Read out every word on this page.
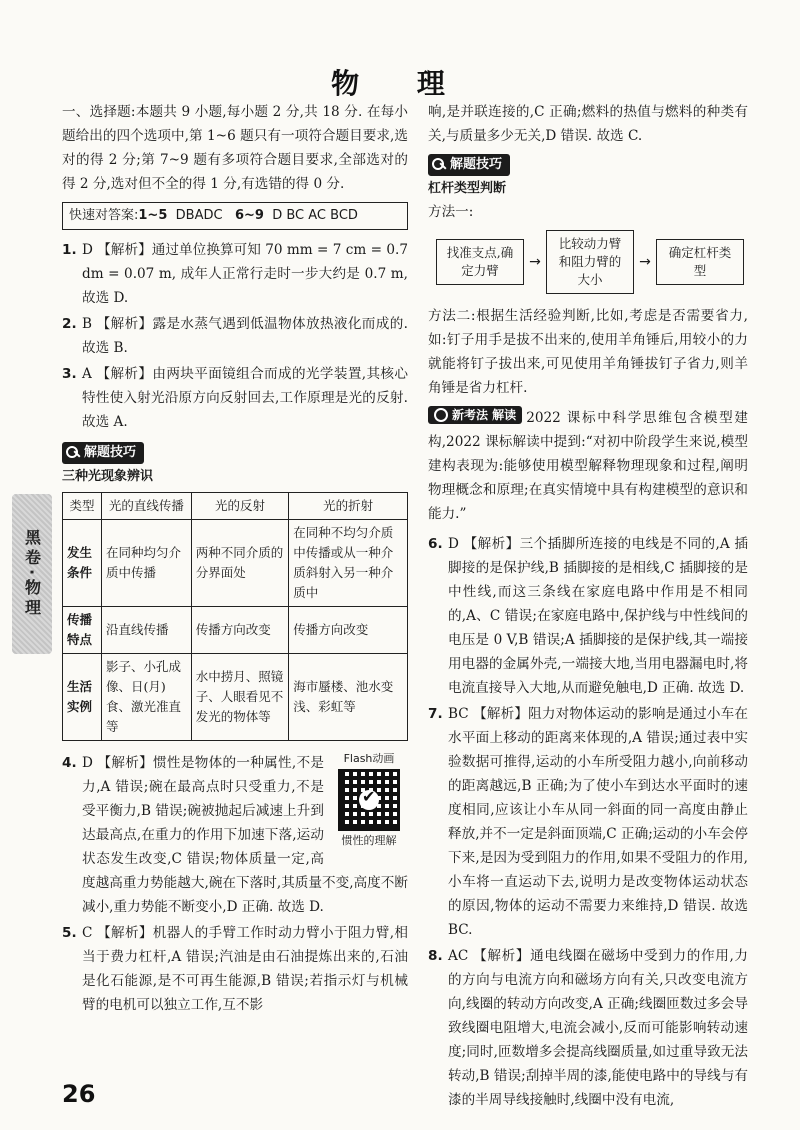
物 理
黑卷·物理

一、选择题:本题共 9 小题,每小题 2 分,共 18 分. 在每小题给出的四个选项中,第 1~6 题只有一项符合题目要求,选对的得 2 分;第 7~9 题有多项符合题目要求,全部选对的得 2 分,选对但不全的得 1 分,有选错的得 0 分.

快速对答案:1~5 DBADC 6~9 D BC AC BCD
1. D 【解析】通过单位换算可知 70 mm = 7 cm = 0.7 dm = 0.07 m, 成年人正常行走时一步大约是 0.7 m, 故选 D.
2. B 【解析】露是水蒸气遇到低温物体放热液化而成的. 故选 B.
3. A 【解析】由两块平面镜组合而成的光学装置,其核心特性使入射光沿原方向反射回去,工作原理是光的反射. 故选 A.
解题技巧

三种光现象辨识

类型	光的直线传播	光的反射	光的折射
发生条件	在同种均匀介质中传播	两种不同介质的分界面处	在同种不均匀介质中传播或从一种介质斜射入另一种介质中
传播特点	沿直线传播	传播方向改变	传播方向改变
生活实例	影子、小孔成像、日(月)食、激光准直等	水中捞月、照镜子、人眼看见不发光的物体等	海市蜃楼、池水变浅、彩虹等
4.	Flash动画
✔
惯性的理解
D 【解析】惯性是物体的一种属性,不是力,A 错误;碗在最高点时只受重力,不是受平衡力,B 错误;碗被抛起后减速上升到达最高点,在重力的作用下加速下落,运动状态发生改变,C 错误;物体质量一定,高度越高重力势能越大,碗在下落时,其质量不变,高度不断减小,重力势能不断变小,D 正确. 故选 D.
5. C 【解析】机器人的手臂工作时动力臂小于阻力臂,相当于费力杠杆,A 错误;汽油是由石油提炼出来的,石油是化石能源,是不可再生能源,B 错误;若指示灯与机械臂的电机可以独立工作,互不影

响,是并联连接的,C 正确;燃料的热值与燃料的种类有关,与质量多少无关,D 错误. 故选 C.

解题技巧

杠杆类型判断

方法一:

找准支点,确定力臂
→
比较动力臂和阻力臂的大小
→
确定杠杆类型

方法二:根据生活经验判断,比如,考虑是否需要省力,如:钉子用手是拔不出来的,使用羊角锤后,用较小的力就能将钉子拔出来,可见使用羊角锤拔钉子省力,则羊角锤是省力杠杆.

新考法 解读 2022 课标中科学思维包含模型建构,2022 课标解读中提到:“对初中阶段学生来说,模型建构表现为:能够使用模型解释物理现象和过程,阐明物理概念和原理;在真实情境中具有构建模型的意识和能力.”

6. D 【解析】三个插脚所连接的电线是不同的,A 插脚接的是保护线,B 插脚接的是相线,C 插脚接的是中性线,而这三条线在家庭电路中作用是不相同的,A、C 错误;在家庭电路中,保护线与中性线间的电压是 0 V,B 错误;A 插脚接的是保护线,其一端接用电器的金属外壳,一端接大地,当用电器漏电时,将电流直接导入大地,从而避免触电,D 正确. 故选 D.
7. BC 【解析】阻力对物体运动的影响是通过小车在水平面上移动的距离来体现的,A 错误;通过表中实验数据可推得,运动的小车所受阻力越小,向前移动的距离越远,B 正确;为了使小车到达水平面时的速度相同,应该让小车从同一斜面的同一高度由静止释放,并不一定是斜面顶端,C 正确;运动的小车会停下来,是因为受到阻力的作用,如果不受阻力的作用,小车将一直运动下去,说明力是改变物体运动状态的原因,物体的运动不需要力来维持,D 错误. 故选 BC.
8. AC 【解析】通电线圈在磁场中受到力的作用,力的方向与电流方向和磁场方向有关,只改变电流方向,线圈的转动方向改变,A 正确;线圈匝数过多会导致线圈电阻增大,电流会减小,反而可能影响转动速度;同时,匝数增多会提高线圈质量,如过重导致无法转动,B 错误;刮掉半周的漆,能使电路中的导线与有漆的半周导线接触时,线圈中没有电流,
26
